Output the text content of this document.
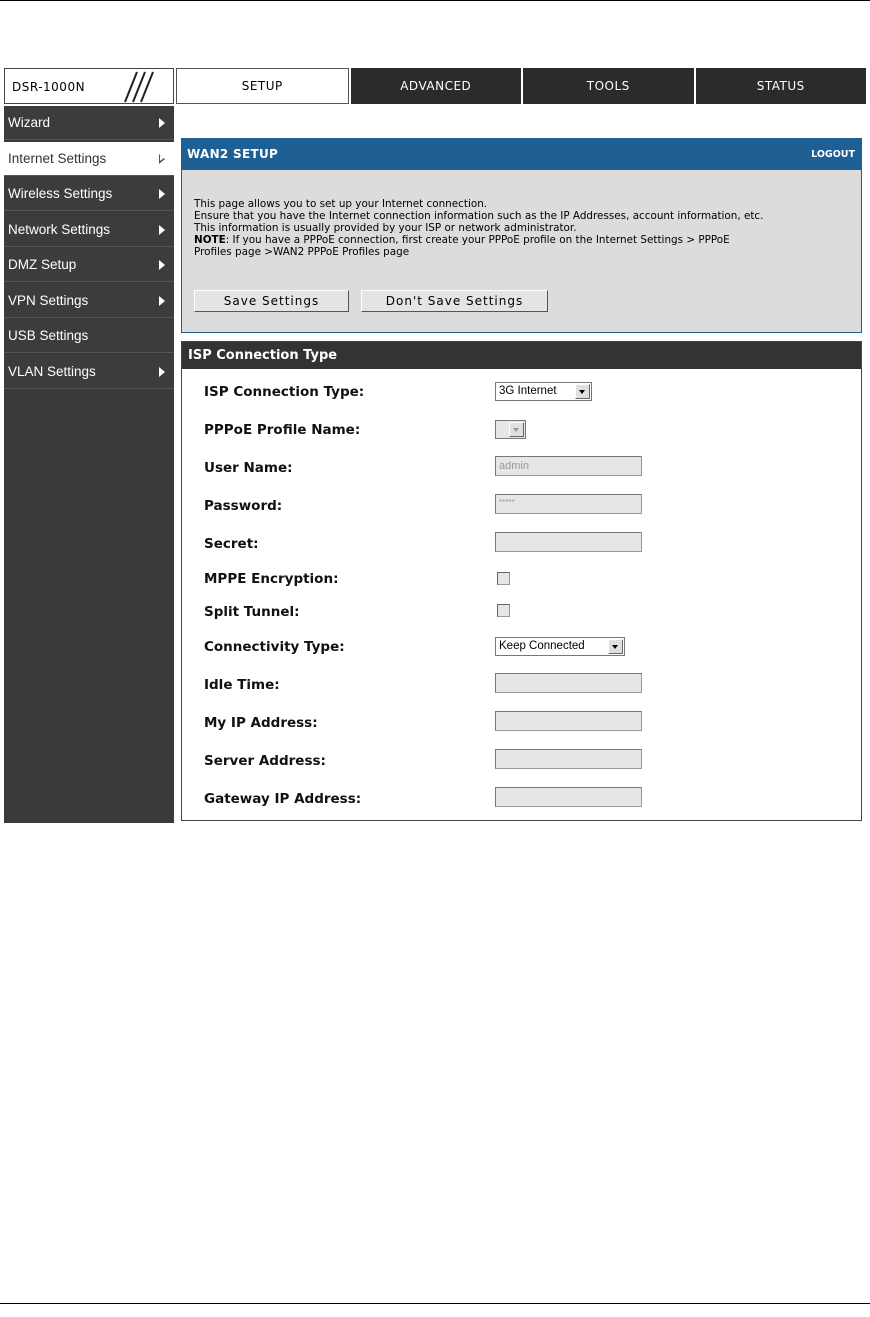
DSR-1000N	SETUP	ADVANCED	TOOLS	STATUS
Wizard
Internet Settings
Wireless Settings
Network Settings
DMZ Setup
VPN Settings
USB Settings
VLAN Settings
WAN2 SETUP	LOGOUT

This page allows you to set up your Internet connection.

Ensure that you have the Internet connection information such as the IP Addresses, account information, etc.

This information is usually provided by your ISP or network administrator.

NOTE: If you have a PPPoE connection, first create your PPPoE profile on the Internet Settings > PPPoE

Profiles page >WAN2 PPPoE Profiles page

Save Settings	Don't Save Settings
ISP Connection Type
ISP Connection Type:	3G Internet
PPPoE Profile Name:
User Name:	admin
Password:	*****
Secret:
MPPE Encryption:
Split Tunnel:
Connectivity Type:	Keep Connected
Idle Time:
My IP Address:
Server Address:
Gateway IP Address:
